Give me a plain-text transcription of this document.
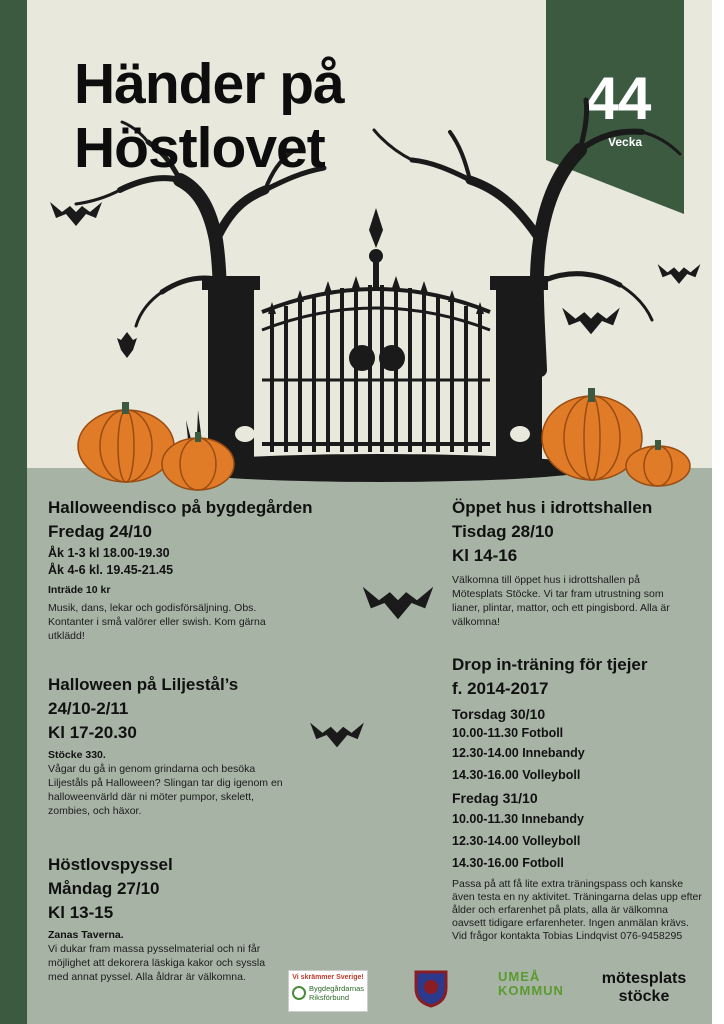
44
Vecka
Händer på
Höstlovet
Halloweendisco på bygdegården
Fredag 24/10
Åk 1-3 kl 18.00-19.30
Åk 4-6 kl. 19.45-21.45
Inträde 10 kr
Musik, dans, lekar och godisförsäljning. Obs. Kontanter i små valörer eller swish. Kom gärna utklädd!
Halloween på Liljestål’s
24/10-2/11
Kl 17-20.30
Stöcke 330.
Vågar du gå in genom grindarna och besöka Liljeståls på Halloween? Slingan tar dig igenom en halloweenvärld där ni möter pumpor, skelett, zombies, och häxor.
Höstlovspyssel
Måndag 27/10
Kl 13-15
Zanas Taverna.
Vi dukar fram massa pysselmaterial och ni får möjlighet att dekorera läskiga kakor och syssla med annat pyssel. Alla åldrar är välkomna.
Öppet hus i idrottshallen
Tisdag 28/10
Kl 14-16
Välkomna till öppet hus i idrottshallen på Mötesplats Stöcke. Vi tar fram utrustning som lianer, plintar, mattor, och ett pingisbord. Alla är välkomna!
Drop in-träning för tjejer
f. 2014-2017
Torsdag 30/10
10.00-11.30 Fotboll
12.30-14.00 Innebandy
14.30-16.00 Volleyboll
Fredag 31/10
10.00-11.30 Innebandy
12.30-14.00 Volleyboll
14.30-16.00 Fotboll
Passa på att få lite extra träningspass och kanske även testa en ny aktivitet. Träningarna delas upp efter ålder och erfarenhet på plats, alla är välkomna oavsett tidigare erfarenheter. Ingen anmälan krävs. Vid frågor kontakta Tobias Lindqvist 076-9458295
Vi skrämmer Sverige!
Bygdegårdarnas
Riksförbund
UMEÅ
KOMMUN
mötesplats
stöcke
